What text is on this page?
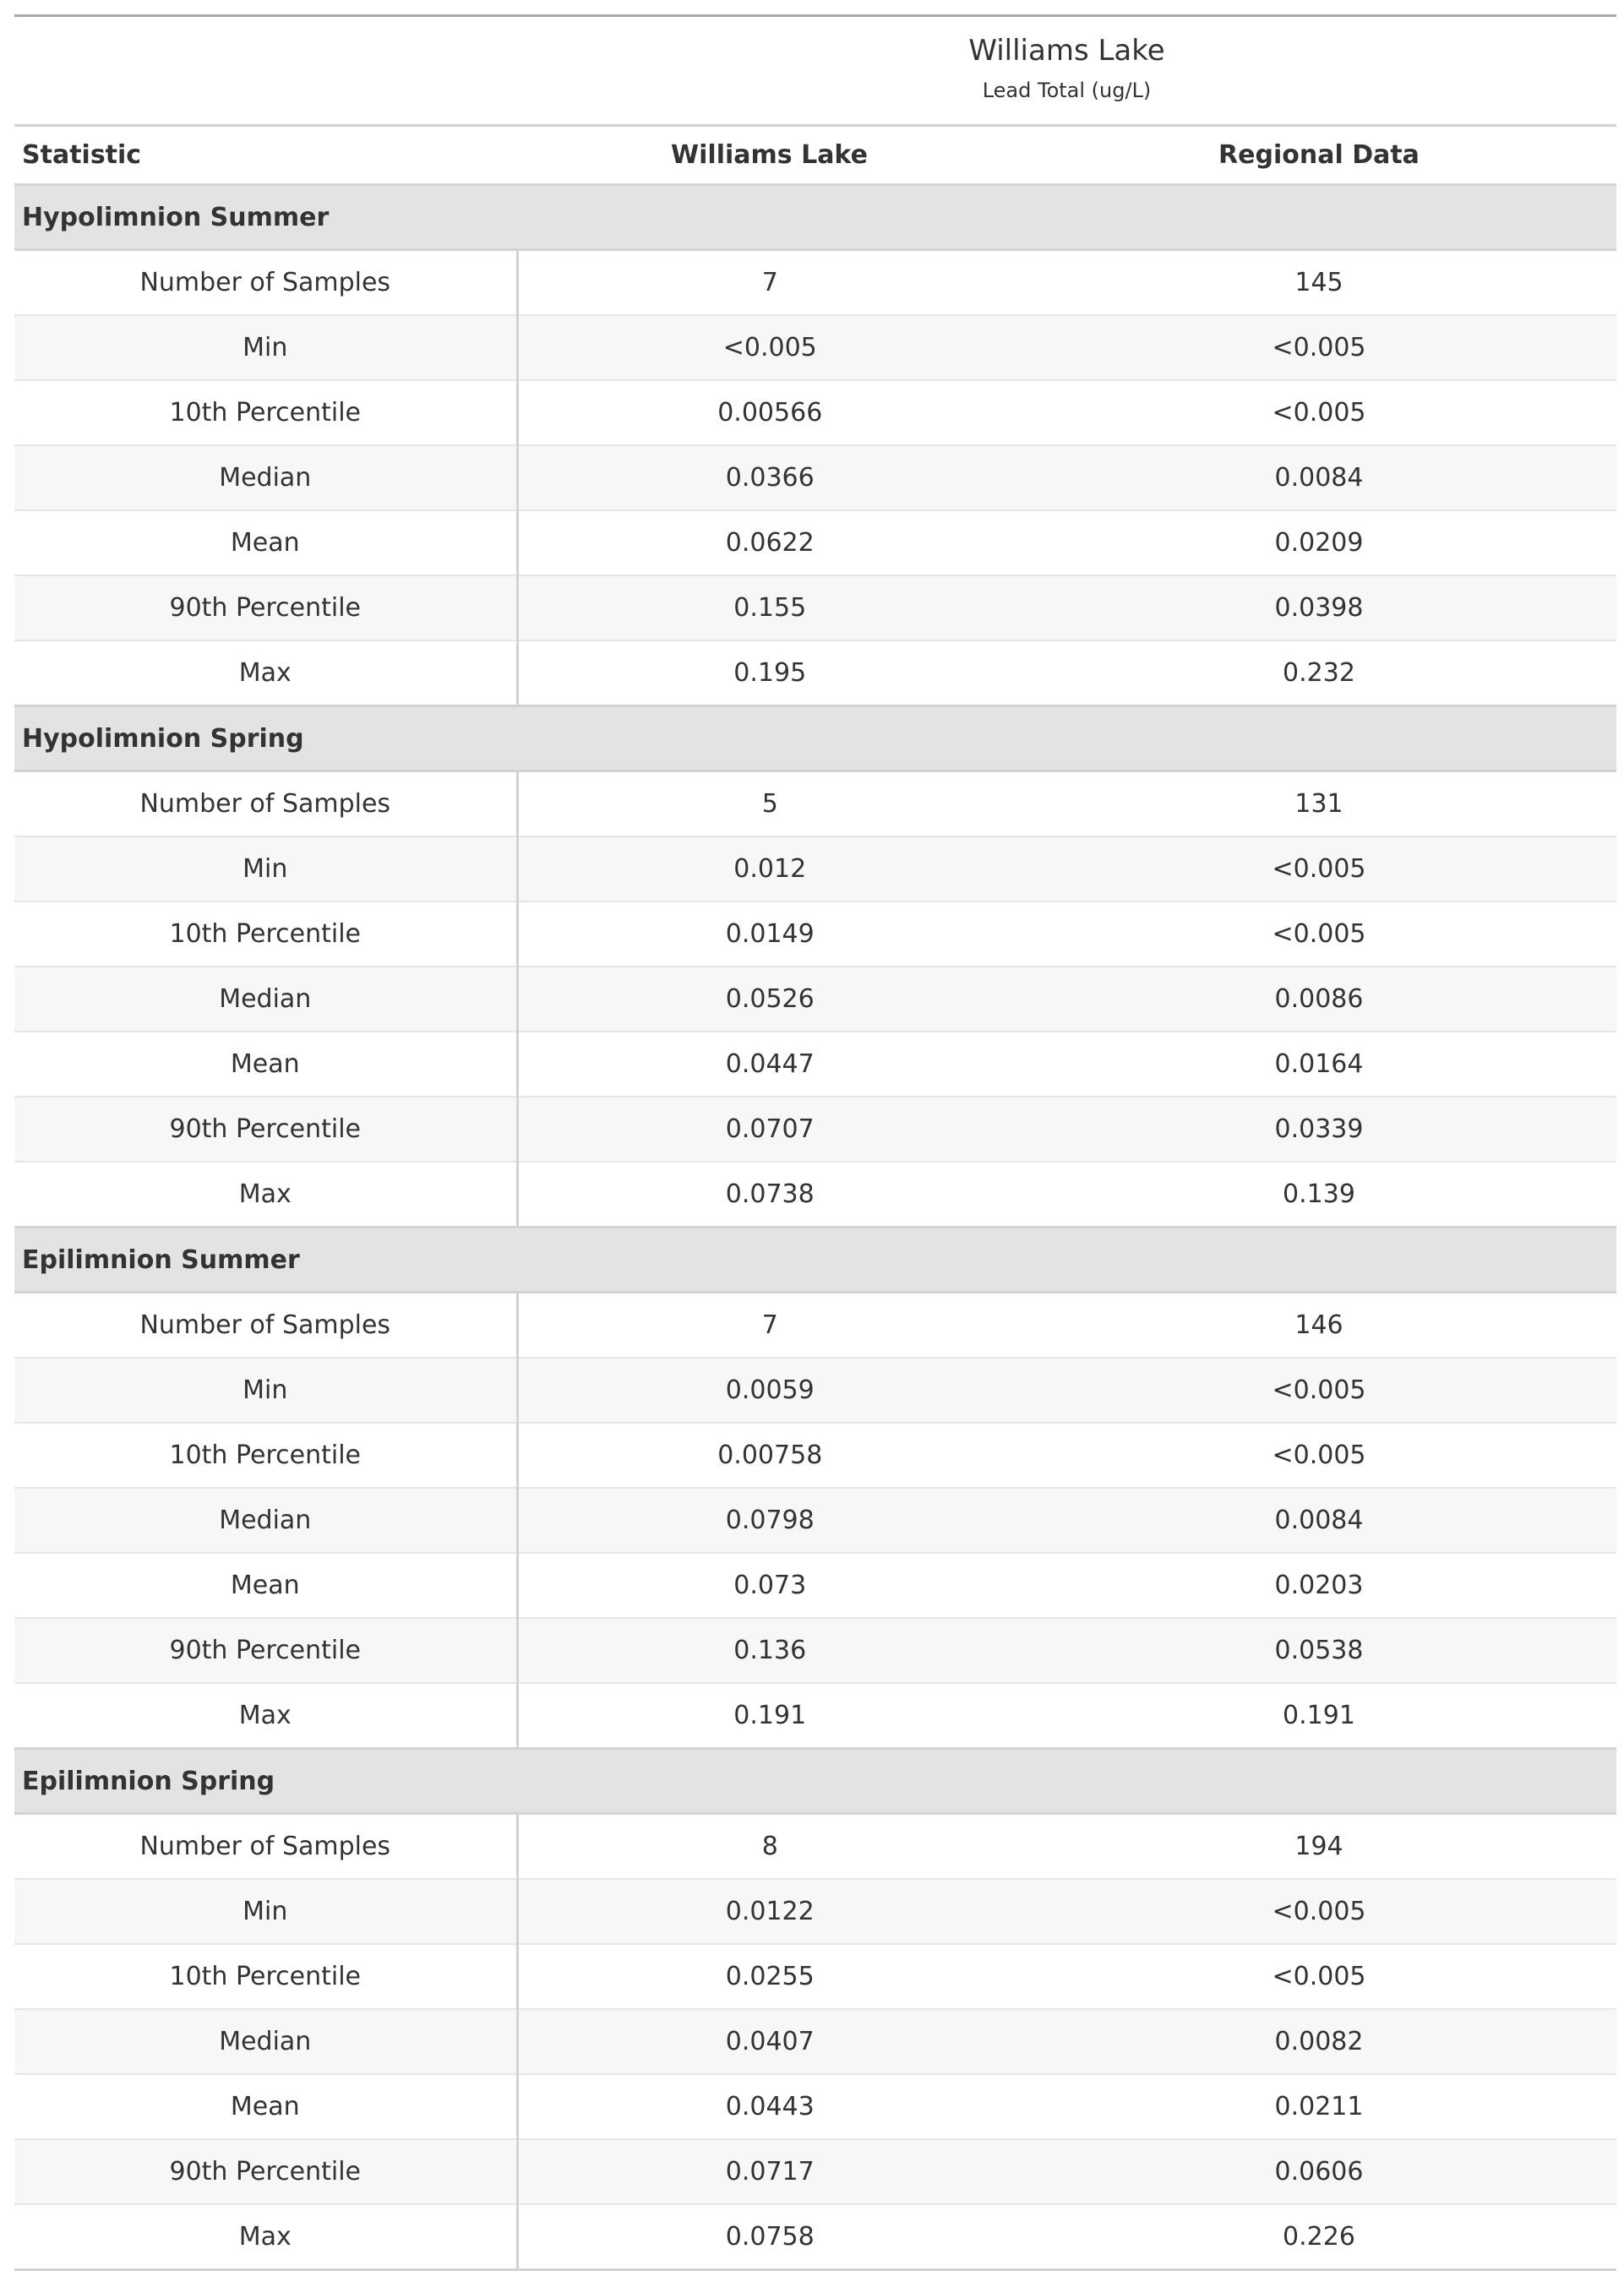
Williams Lake
Lead Total (ug/L)		

Statistic	Williams Lake	Regional Data
Hypolimnion Summer		
Number of Samples	7	145
Min	<0.005	<0.005
10th Percentile	0.00566	<0.005
Median	0.0366	0.0084
Mean	0.0622	0.0209
90th Percentile	0.155	0.0398
Max	0.195	0.232
Hypolimnion Spring		
Number of Samples	5	131
Min	0.012	<0.005
10th Percentile	0.0149	<0.005
Median	0.0526	0.0086
Mean	0.0447	0.0164
90th Percentile	0.0707	0.0339
Max	0.0738	0.139
Epilimnion Summer		
Number of Samples	7	146
Min	0.0059	<0.005
10th Percentile	0.00758	<0.005
Median	0.0798	0.0084
Mean	0.073	0.0203
90th Percentile	0.136	0.0538
Max	0.191	0.191
Epilimnion Spring		
Number of Samples	8	194
Min	0.0122	<0.005
10th Percentile	0.0255	<0.005
Median	0.0407	0.0082
Mean	0.0443	0.0211
90th Percentile	0.0717	0.0606
Max	0.0758	0.226
